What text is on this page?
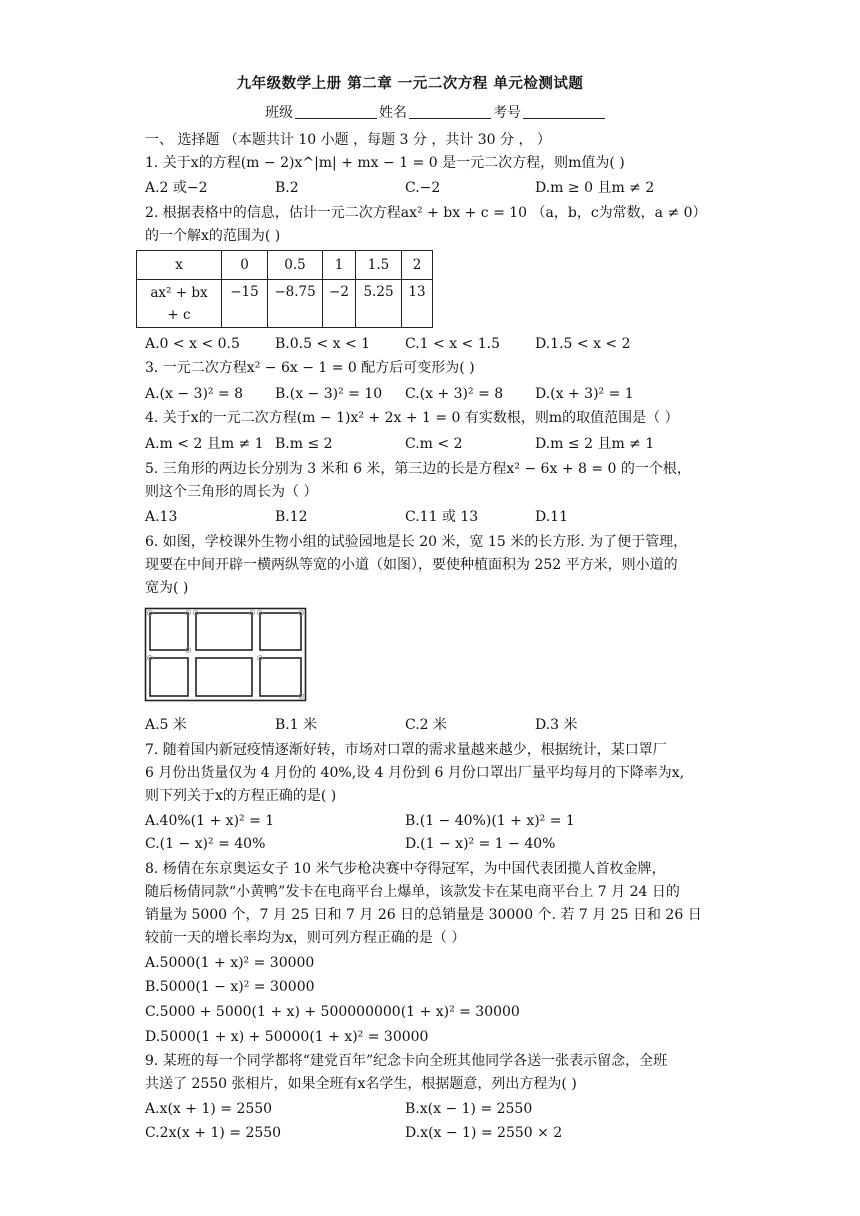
九年级数学上册 第二章 一元二次方程 单元检测试题
班级	姓名	考号
一、 选择题 （本题共计 10 小题 ，每题 3 分 ，共计 30 分 ， ）
1. 关于x的方程(m − 2)x^|m| + mx − 1 = 0 是一元二次方程，则m值为( )
A.2 或−2	B.2	C.−2	D.m ≥ 0 且m ≠ 2
2. 根据表格中的信息，估计一元二次方程ax² + bx + c = 10 （a，b，c为常数，a ≠ 0）
的一个解x的范围为( )
x	0	0.5	1	1.5	2

ax² + bx
+ c	−15	−8.75	−2	5.25	13
A.0 < x < 0.5	B.0.5 < x < 1 C.1 < x < 1.5	D.1.5 < x < 2
3. 一元二次方程x² − 6x − 1 = 0 配方后可变形为( )
A.(x − 3)² = 8 B.(x − 3)² = 10 C.(x + 3)² = 8 D.(x + 3)² = 1
4. 关于x的一元二次方程(m − 1)x² + 2x + 1 = 0 有实数根，则m的取值范围是（ ）
A.m < 2 且m ≠ 1 B.m ≤ 2	C.m < 2	D.m ≤ 2 且m ≠ 1
5. 三角形的两边长分别为 3 米和 6 米，第三边的长是方程x² − 6x + 8 = 0 的一个根，
则这个三角形的周长为（ ）
A.13	B.12	C.11 或 13	D.11
6. 如图，学校课外生物小组的试验园地是长 20 米，宽 15 米的长方形. 为了便于管理，
现要在中间开辟一横两纵等宽的小道（如图），要使种植面积为 252 平方米，则小道的
宽为( )
A.5 米	B.1 米	C.2 米	D.3 米
7. 随着国内新冠疫情逐渐好转，市场对口罩的需求量越来越少，根据统计，某口罩厂
6 月份出货量仅为 4 月份的 40%,设 4 月份到 6 月份口罩出厂量平均每月的下降率为x,
则下列关于x的方程正确的是( )
A.40%(1 + x)² = 1	B.(1 − 40%)(1 + x)² = 1
C.(1 − x)² = 40%	D.(1 − x)² = 1 − 40%
8. 杨倩在东京奥运女子 10 米气步枪决赛中夺得冠军，为中国代表团揽人首枚金牌，
随后杨倩同款“小黄鸭”发卡在电商平台上爆单，该款发卡在某电商平台上 7 月 24 日的
销量为 5000 个，7 月 25 日和 7 月 26 日的总销量是 30000 个. 若 7 月 25 日和 26 日
较前一天的增长率均为x，则可列方程正确的是（ ）
A.5000(1 + x)² = 30000
B.5000(1 − x)² = 30000
C.5000 + 5000(1 + x) + 500000000(1 + x)² = 30000
D.5000(1 + x) + 50000(1 + x)² = 30000
9. 某班的每一个同学都将“建党百年”纪念卡向全班其他同学各送一张表示留念，全班
共送了 2550 张相片，如果全班有x名学生，根据题意，列出方程为( )
A.x(x + 1) = 2550	B.x(x − 1) = 2550
C.2x(x + 1) = 2550	D.x(x − 1) = 2550 × 2
